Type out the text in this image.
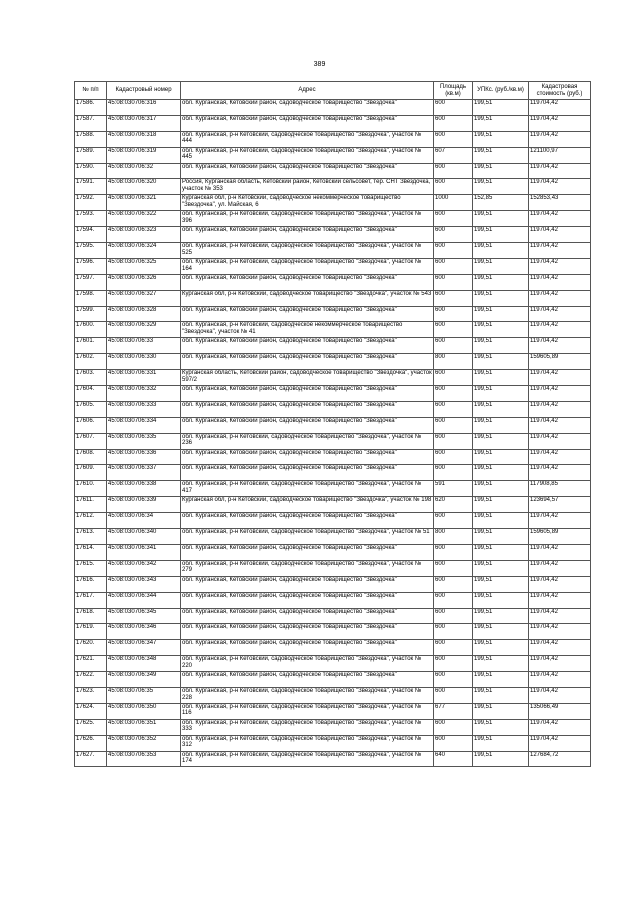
389
№ п/п	Кадастровый номер	Адрес	Площадь (кв.м)	УПКс. (руб./кв.м)	Кадастровая стоимость (руб.)
17586.	45:08:030706:316	обл. Курганская, Кетовский район, садоводческое товарищество "Звездочка"	600	199,51	119704,42
17587.	45:08:030706:317	обл. Курганская, Кетовский район, садоводческое товарищество "Звездочка"	600	199,51	119704,42
17588.	45:08:030706:318	обл. Курганская, р-н Кетовский, садоводческое товарищество "Звездочка", участок № 444	600	199,51	119704,42
17589.	45:08:030706:319	обл. Курганская, р-н Кетовский, садоводческое товарищество "Звездочка", участок № 445	607	199,51	121100,97
17590.	45:08:030706:32	обл. Курганская, Кетовский район, садоводческое товарищество "Звездочка"	600	199,51	119704,42
17591.	45:08:030706:320	Россия, Курганская область, Кетовский район, Кетовский сельсовет, тер. СНТ Звездочка, участок № 353	600	199,51	119704,42
17592.	45:08:030706:321	Курганская обл, р-н Кетовский, садоводческое некоммерческое товарищество "Звездочка", ул. Майская, 6	1000	152,85	152853,43
17593.	45:08:030706:322	обл. Курганская, р-н Кетовский, садоводческое товарищество "Звездочка", участок № 396	600	199,51	119704,42
17594.	45:08:030706:323	обл. Курганская, Кетовский район, садоводческое товарищество "Звездочка"	600	199,51	119704,42
17595.	45:08:030706:324	обл. Курганская, р-н Кетовский, садоводческое товарищество "Звездочка", участок № 525	600	199,51	119704,42
17596.	45:08:030706:325	обл. Курганская, р-н Кетовский, садоводческое товарищество "Звездочка", участок № 164	600	199,51	119704,42
17597.	45:08:030706:326	обл. Курганская, Кетовский район, садоводческое товарищество "Звездочка"	600	199,51	119704,42
17598.	45:08:030706:327	Курганская обл, р-н Кетовский, садоводческое товарищество "Звездочка", участок № 543	600	199,51	119704,42
17599.	45:08:030706:328	обл. Курганская, Кетовский район, садоводческое товарищество "Звездочка"	600	199,51	119704,42
17600.	45:08:030706:329	обл. Курганская, р-н Кетовский, садоводческое некоммерческое товарищество "Звездочка", участок № 41	600	199,51	119704,42
17601.	45:08:030706:33	обл. Курганская, Кетовский район, садоводческое товарищество "Звездочка"	600	199,51	119704,42
17602.	45:08:030706:330	обл. Курганская, Кетовский район, садоводческое товарищество "Звездочка"	800	199,51	159605,89
17603.	45:08:030706:331	Курганская область, Кетовский район, садоводческое товарищество "Звездочка", участок 597/2	600	199,51	119704,42
17604.	45:08:030706:332	обл. Курганская, Кетовский район, садоводческое товарищество "Звездочка"	600	199,51	119704,42
17605.	45:08:030706:333	обл. Курганская, Кетовский район, садоводческое товарищество "Звездочка"	600	199,51	119704,42
17606.	45:08:030706:334	обл. Курганская, Кетовский район, садоводческое товарищество "Звездочка"	600	199,51	119704,42
17607.	45:08:030706:335	обл. Курганская, р-н Кетовский, садоводческое товарищество "Звездочка", участок № 236	600	199,51	119704,42
17608.	45:08:030706:336	обл. Курганская, Кетовский район, садоводческое товарищество "Звездочка"	600	199,51	119704,42
17609.	45:08:030706:337	обл. Курганская, Кетовский район, садоводческое товарищество "Звездочка"	600	199,51	119704,42
17610.	45:08:030706:338	обл. Курганская, р-н Кетовский, садоводческое товарищество "Звездочка", участок № 417	591	199,51	117908,85
17611.	45:08:030706:339	Курганская обл, р-н Кетовский, садоводческое товарищество "Звездочка", участок № 198	620	199,51	123694,57
17612.	45:08:030706:34	обл. Курганская, Кетовский район, садоводческое товарищество "Звездочка"	600	199,51	119704,42
17613.	45:08:030706:340	обл. Курганская, р-н Кетовский, садоводческое товарищество "Звездочка", участок № 51	800	199,51	159605,89
17614.	45:08:030706:341	обл. Курганская, Кетовский район, садоводческое товарищество "Звездочка"	600	199,51	119704,42
17615.	45:08:030706:342	обл. Курганская, р-н Кетовский, садоводческое товарищество "Звездочка", участок № 279	600	199,51	119704,42
17616.	45:08:030706:343	обл. Курганская, Кетовский район, садоводческое товарищество "Звездочка"	600	199,51	119704,42
17617.	45:08:030706:344	обл. Курганская, Кетовский район, садоводческое товарищество "Звездочка"	600	199,51	119704,42
17618.	45:08:030706:345	обл. Курганская, Кетовский район, садоводческое товарищество "Звездочка"	600	199,51	119704,42
17619.	45:08:030706:346	обл. Курганская, Кетовский район, садоводческое товарищество "Звездочка"	600	199,51	119704,42
17620.	45:08:030706:347	обл. Курганская, Кетовский район, садоводческое товарищество "Звездочка"	600	199,51	119704,42
17621.	45:08:030706:348	обл. Курганская, р-н Кетовский, садоводческое товарищество "Звездочка", участок № 220	600	199,51	119704,42
17622.	45:08:030706:349	обл. Курганская, Кетовский район, садоводческое товарищество "Звездочка"	600	199,51	119704,42
17623.	45:08:030706:35	обл. Курганская, р-н Кетовский, садоводческое товарищество "Звездочка", участок № 228	600	199,51	119704,42
17624.	45:08:030706:350	обл. Курганская, р-н Кетовский, садоводческое товарищество "Звездочка", участок № 116	677	199,51	135066,49
17625.	45:08:030706:351	обл. Курганская, р-н Кетовский, садоводческое товарищество "Звездочка", участок № 333	600	199,51	119704,42
17626.	45:08:030706:352	обл. Курганская, р-н Кетовский, садоводческое товарищество "Звездочка", участок № 312	600	199,51	119704,42
17627.	45:08:030706:353	обл. Курганская, р-н Кетовский, садоводческое товарищество "Звездочка", участок № 174	640	199,51	127684,72
